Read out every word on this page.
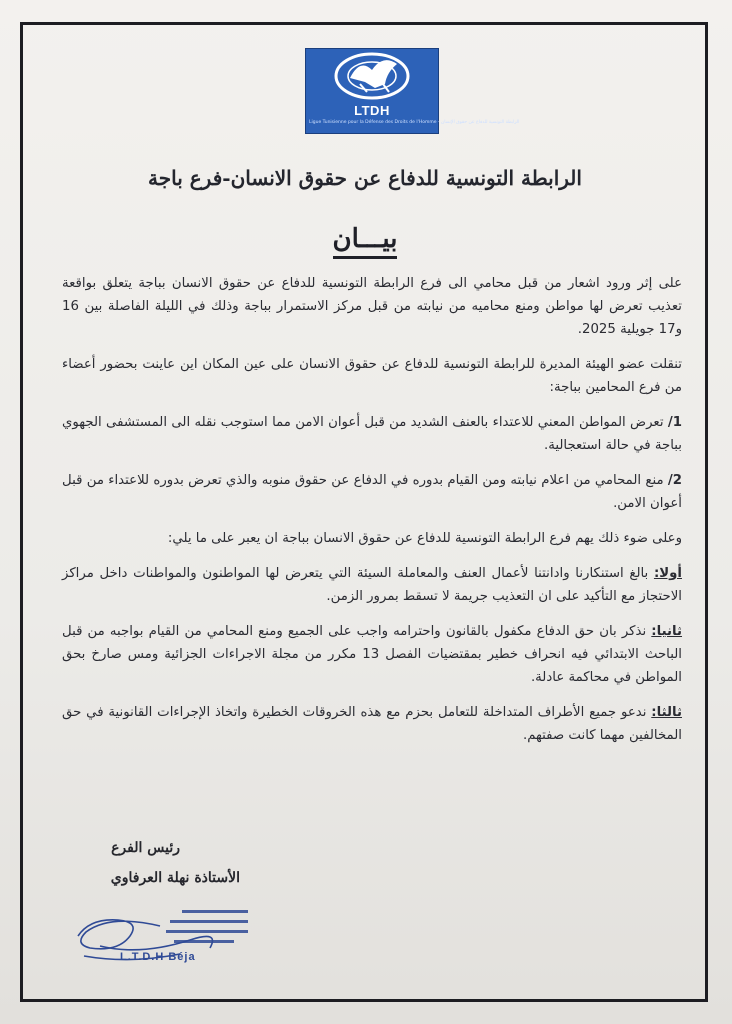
LTDH
Ligue Tunisienne pour la Défense des Droits de l'Homme - الرابطة التونسية للدفاع عن حقوق الإنسان
الرابطة التونسية للدفاع عن حقوق الانسان-فرع باجة
بيـــان

على إثر ورود اشعار من قبل محامي الى فرع الرابطة التونسية للدفاع عن حقوق الانسان بباجة يتعلق بواقعة تعذيب تعرض لها مواطن ومنع محاميه من نيابته من قبل مركز الاستمرار بباجة وذلك في الليلة الفاصلة بين 16 و17 جويلية 2025.

تنقلت عضو الهيئة المديرة للرابطة التونسية للدفاع عن حقوق الانسان على عين المكان اين عاينت بحضور أعضاء من فرع المحامين بباجة:

1/ تعرض المواطن المعني للاعتداء بالعنف الشديد من قبل أعوان الامن مما استوجب نقله الى المستشفى الجهوي بباجة في حالة استعجالية.

2/ منع المحامي من اعلام نيابته ومن القيام بدوره في الدفاع عن حقوق منوبه والذي تعرض بدوره للاعتداء من قبل أعوان الامن.

وعلى ضوء ذلك يهم فرع الرابطة التونسية للدفاع عن حقوق الانسان بباجة ان يعبر على ما يلي:

أولا: بالغ استنكارنا وادانتنا لأعمال العنف والمعاملة السيئة التي يتعرض لها المواطنون والمواطنات داخل مراكز الاحتجاز مع التأكيد على ان التعذيب جريمة لا تسقط بمرور الزمن.

ثانيا: نذكر بان حق الدفاع مكفول بالقانون واحترامه واجب على الجميع ومنع المحامي من القيام بواجبه من قبل الباحث الابتدائي فيه انحراف خطير بمقتضيات الفصل 13 مكرر من مجلة الاجراءات الجزائية ومس صارخ بحق المواطن في محاكمة عادلة.

ثالثا: ندعو جميع الأطراف المتداخلة للتعامل بحزم مع هذه الخروقات الخطيرة واتخاذ الإجراءات القانونية في حق المخالفين مهما كانت صفتهم.

رئيس الفرع
الأستاذة نهلة العرفاوي
L.T.D.H Béja
